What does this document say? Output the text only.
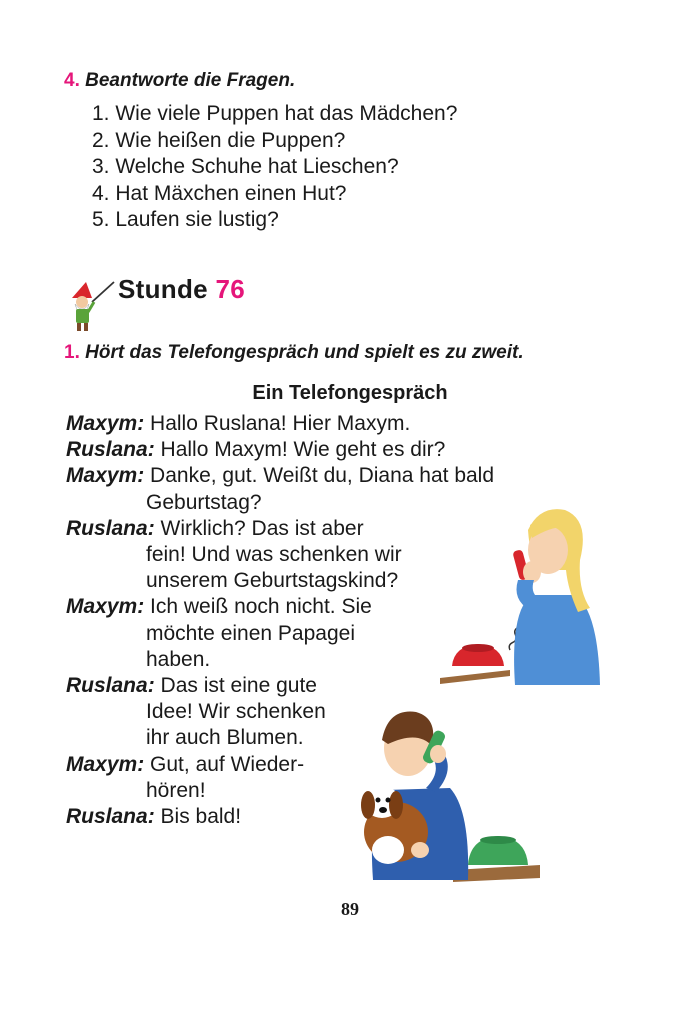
4. Beantworte die Fragen.
1. Wie viele Puppen hat das Mädchen?
2. Wie heißen die Puppen?
3. Welche Schuhe hat Lieschen?
4. Hat Mäxchen einen Hut?
5. Laufen sie lustig?
Stunde 76
1. Hört das Telefongespräch und spielt es zu zweit.
Ein Telefongespräch
Maxym: Hallo Ruslana! Hier Maxym.
Ruslana: Hallo Maxym! Wie geht es dir?
Maxym: Danke, gut. Weißt du, Diana hat bald
Geburtstag?
Ruslana: Wirklich? Das ist aber
fein! Und was schenken wir
unserem Geburtstagskind?
Maxym: Ich weiß noch nicht. Sie
möchte einen Papagei
haben.
Ruslana: Das ist eine gute
Idee! Wir schenken
ihr auch Blumen.
Maxym: Gut, auf Wieder-
hören!
Ruslana: Bis bald!
89
